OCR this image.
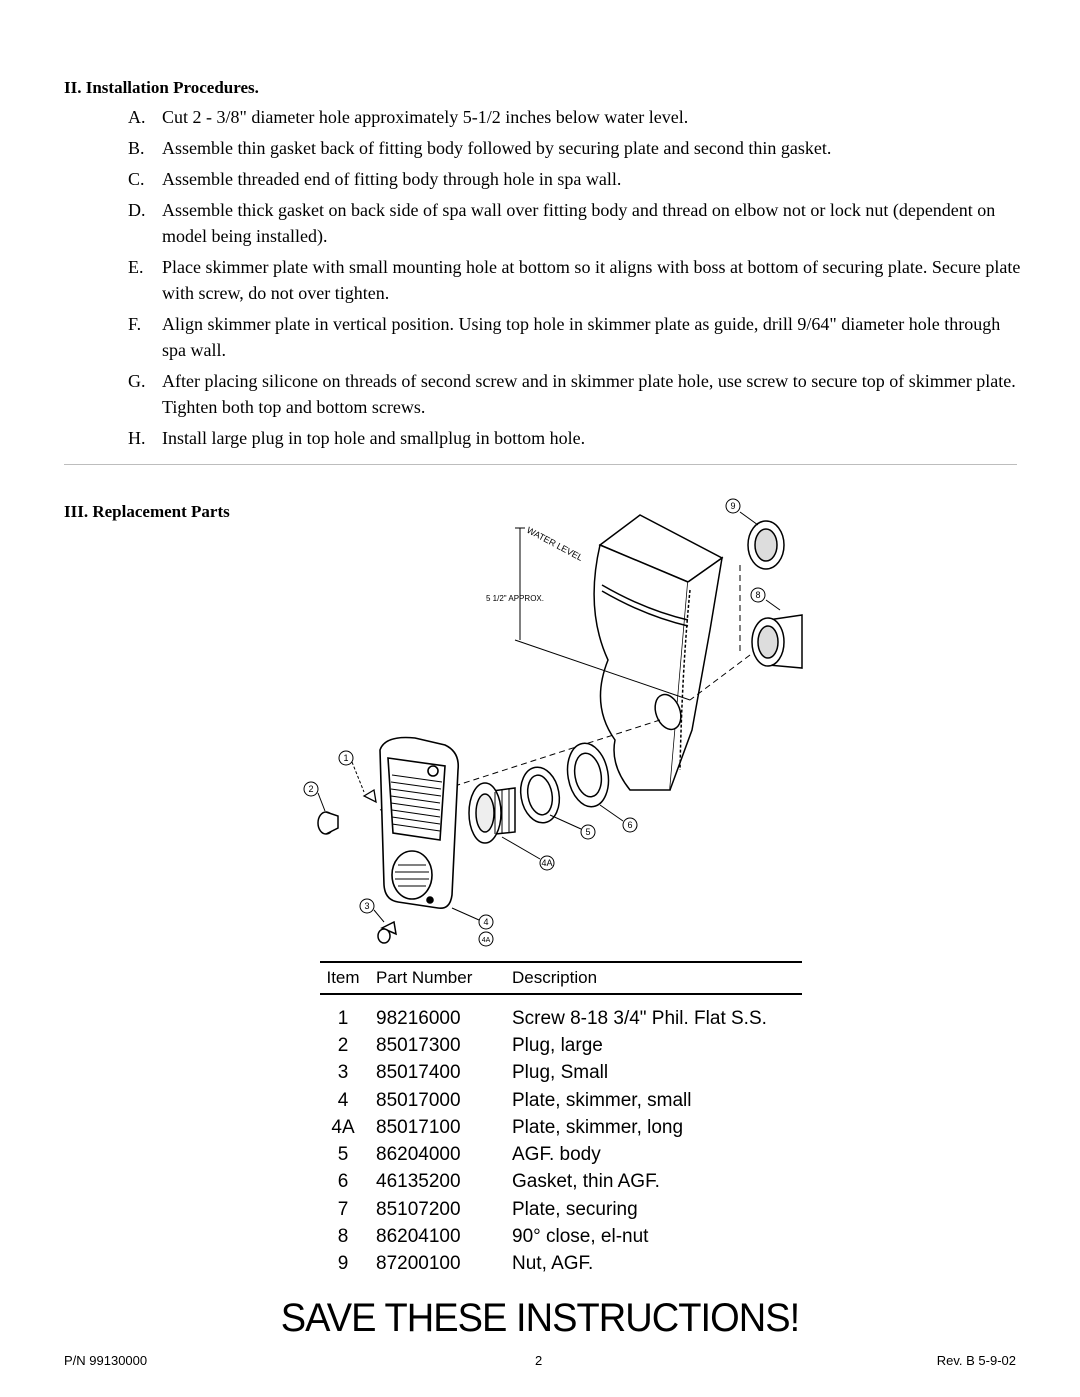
II. Installation Procedures.
A. Cut 2 - 3/8" diameter hole approximately 5-1/2 inches below water level.
B. Assemble thin gasket back of fitting body followed by securing plate and second thin gasket.
C. Assemble threaded end of fitting body through hole in spa wall.
D. Assemble thick gasket on back side of spa wall over fitting body and thread on elbow not or lock nut (dependent on model being installed).
E. Place skimmer plate with small mounting hole at bottom so it aligns with boss at bottom of securing plate. Secure plate with screw, do not over tighten.
F. Align skimmer plate in vertical position. Using top hole in skimmer plate as guide, drill 9/64" diameter hole through spa wall.
G. After placing silicone on threads of second screw and in skimmer plate hole, use screw to secure top of skimmer plate. Tighten both top and bottom screws.
H. Install large plug in top hole and smallplug in bottom hole.
III. Replacement Parts
WATER LEVEL
5 1/2" APPROX.
9
8
1
2
6
5
4A
3
4
4A
Item Part Number	Description
1	98216000	Screw 8-18 3/4" Phil. Flat S.S.
2	85017300	Plug, large
3	85017400	Plug, Small
4	85017000	Plate, skimmer, small
4A	85017100	Plate, skimmer, long
5	86204000	AGF. body
6	46135200	Gasket, thin AGF.
7	85107200	Plate, securing
8	86204100	90° close, el-nut
9	87200100	Nut, AGF.
SAVE THESE INSTRUCTIONS!
P/N 99130000	2	Rev. B 5-9-02
